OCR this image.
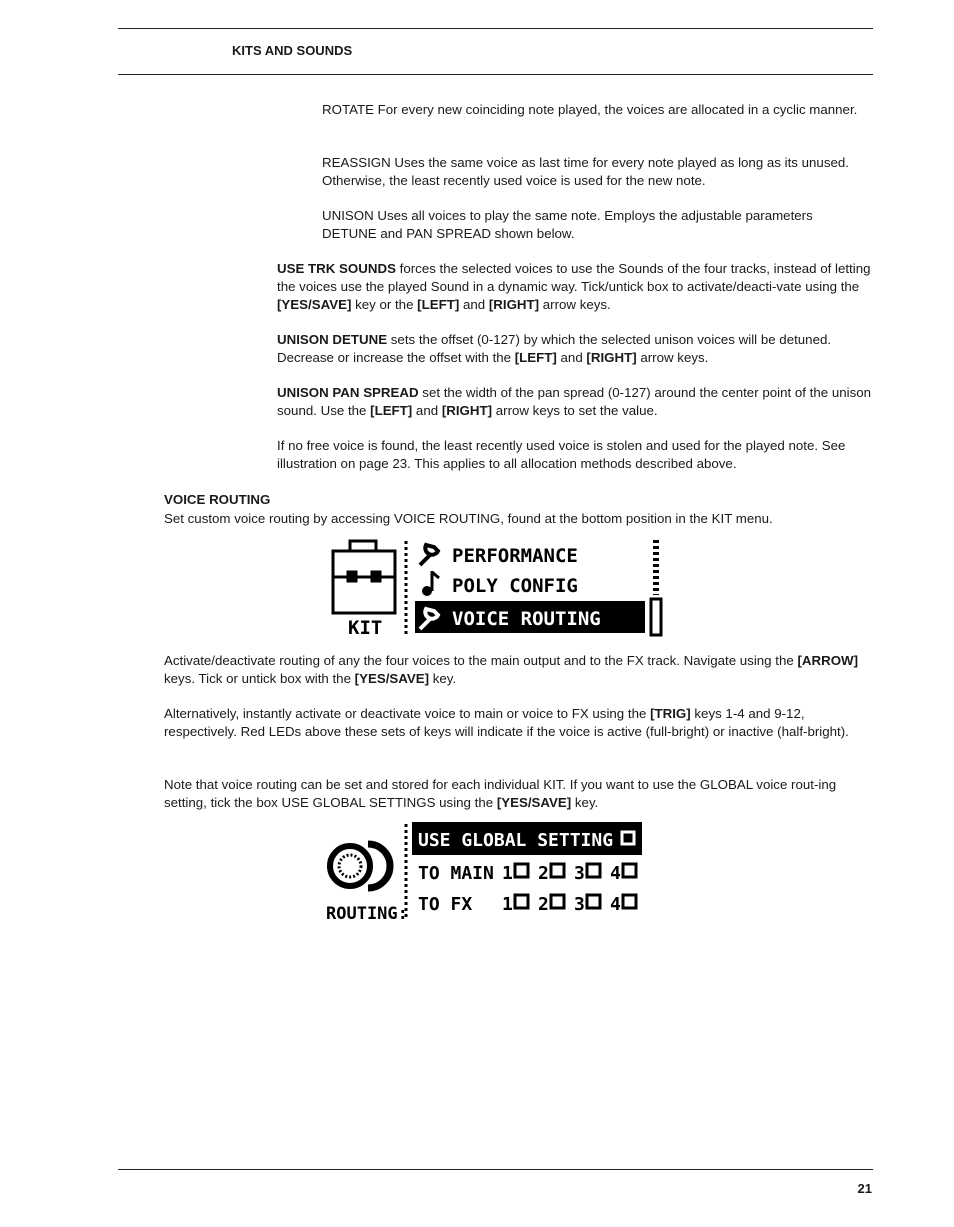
KITS AND SOUNDS
ROTATE For every new coinciding note played, the voices are allocated in a cyclic manner.
REASSIGN Uses the same voice as last time for every note played as long as its unused. Otherwise, the least recently used voice is used for the new note.
UNISON Uses all voices to play the same note. Employs the adjustable parameters DETUNE and PAN SPREAD shown below.
USE TRK SOUNDS forces the selected voices to use the Sounds of the four tracks, instead of letting the voices use the played Sound in a dynamic way. Tick/untick box to activate/deacti-vate using the [YES/SAVE] key or the [LEFT] and [RIGHT] arrow keys.
UNISON DETUNE sets the offset (0-127) by which the selected unison voices will be detuned. Decrease or increase the offset with the [LEFT] and [RIGHT] arrow keys.
UNISON PAN SPREAD set the width of the pan spread (0-127) around the center point of the unison sound. Use the [LEFT] and [RIGHT] arrow keys to set the value.
If no free voice is found, the least recently used voice is stolen and used for the played note. See illustration on page 23. This applies to all allocation methods described above.
VOICE ROUTING
Set custom voice routing by accessing VOICE ROUTING, found at the bottom position in the KIT menu.
KIT
PERFORMANCE
POLY CONFIG
VOICE ROUTING
Activate/deactivate routing of any the four voices to the main output and to the FX track. Navigate using the [ARROW] keys. Tick or untick box with the [YES/SAVE] key.
Alternatively, instantly activate or deactivate voice to main or voice to FX using the [TRIG] keys 1-4 and 9-12, respectively. Red LEDs above these sets of keys will indicate if the voice is active (full-bright) or inactive (half-bright).
Note that voice routing can be set and stored for each individual KIT. If you want to use the GLOBAL voice rout-ing setting, tick the box USE GLOBAL SETTINGS using the [YES/SAVE] key.
ROUTING:
USE GLOBAL SETTING
TO MAIN 1 2 3 4
TO FX 1 2 3 4
21
